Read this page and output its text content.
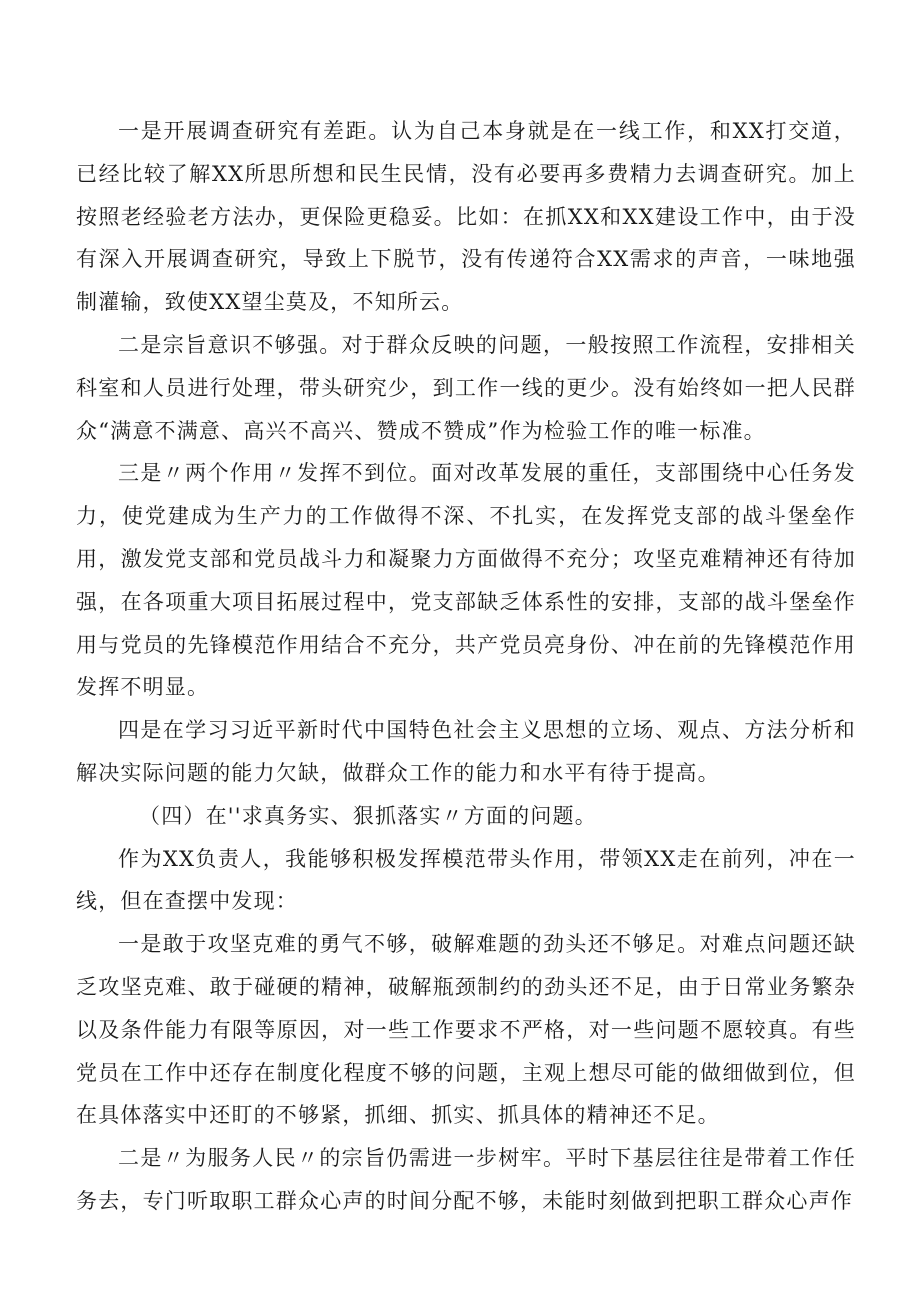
一是开展调查研究有差距。认为自己本身就是在一线工作，和XX打交道，已经比较了解XX所思所想和民生民情，没有必要再多费精力去调查研究。加上按照老经验老方法办，更保险更稳妥。比如：在抓XX和XX建设工作中，由于没有深入开展调查研究，导致上下脱节，没有传递符合XX需求的声音，一味地强制灌输，致使XX望尘莫及，不知所云。

二是宗旨意识不够强。对于群众反映的问题，一般按照工作流程，安排相关科室和人员进行处理，带头研究少，到工作一线的更少。没有始终如一把人民群众“满意不满意、高兴不高兴、赞成不赞成”作为检验工作的唯一标准。

三是〃两个作用〃发挥不到位。面对改革发展的重任，支部围绕中心任务发力，使党建成为生产力的工作做得不深、不扎实，在发挥党支部的战斗堡垒作用，激发党支部和党员战斗力和凝聚力方面做得不充分；攻坚克难精神还有待加强，在各项重大项目拓展过程中，党支部缺乏体系性的安排，支部的战斗堡垒作用与党员的先锋模范作用结合不充分，共产党员亮身份、冲在前的先锋模范作用发挥不明显。

四是在学习习近平新时代中国特色社会主义思想的立场、观点、方法分析和解决实际问题的能力欠缺，做群众工作的能力和水平有待于提高。

（四）在''求真务实、狠抓落实〃方面的问题。

作为XX负责人，我能够积极发挥模范带头作用，带领XX走在前列，冲在一线，但在查摆中发现：

一是敢于攻坚克难的勇气不够，破解难题的劲头还不够足。对难点问题还缺乏攻坚克难、敢于碰硬的精神，破解瓶颈制约的劲头还不足，由于日常业务繁杂以及条件能力有限等原因，对一些工作要求不严格，对一些问题不愿较真。有些党员在工作中还存在制度化程度不够的问题，主观上想尽可能的做细做到位，但在具体落实中还盯的不够紧，抓细、抓实、抓具体的精神还不足。

二是〃为服务人民〃的宗旨仍需进一步树牢。平时下基层往往是带着工作任务去，专门听取职工群众心声的时间分配不够，未能时刻做到把职工群众心声作
